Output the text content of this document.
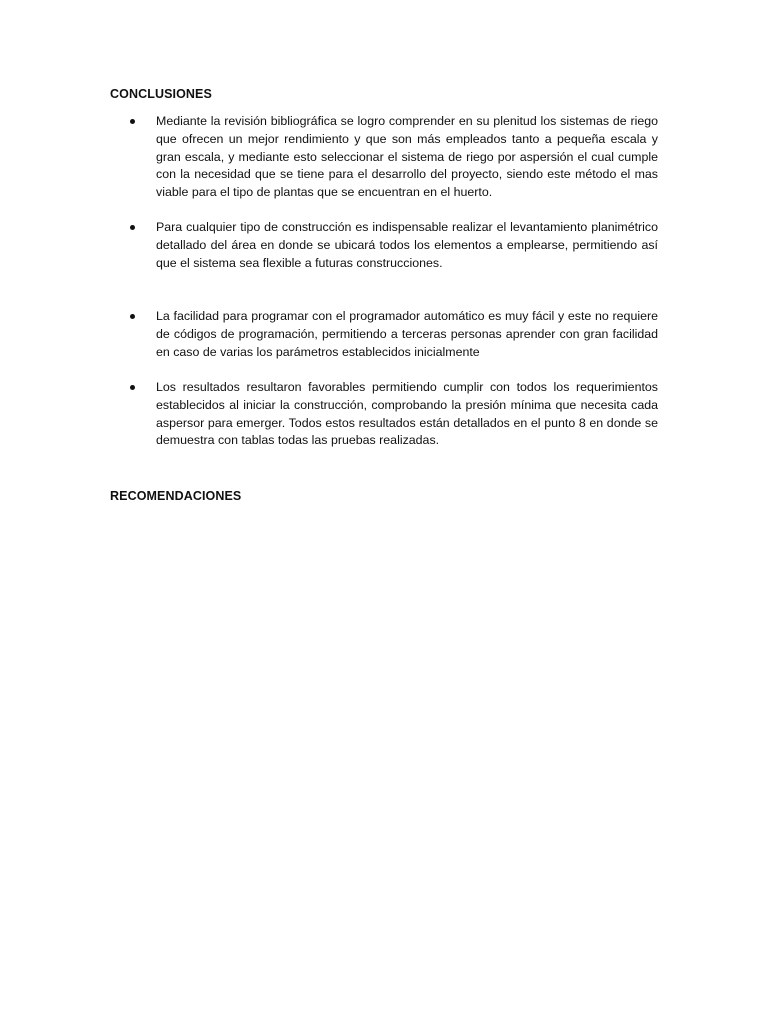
CONCLUSIONES
Mediante la revisión bibliográfica se logro comprender en su plenitud los sistemas de riego que ofrecen un mejor rendimiento y que son más empleados tanto a pequeña escala y gran escala, y mediante esto seleccionar el sistema de riego por aspersión el cual cumple con la necesidad que se tiene para el desarrollo del proyecto, siendo este método el mas viable para el tipo de plantas que se encuentran en el huerto.
Para cualquier tipo de construcción es indispensable realizar el levantamiento planimétrico detallado del área en donde se ubicará todos los elementos a emplearse, permitiendo así que el sistema sea flexible a futuras construcciones.
La facilidad para programar con el programador automático es muy fácil y este no requiere de códigos de programación, permitiendo a terceras personas aprender con gran facilidad en caso de varias los parámetros establecidos inicialmente
Los resultados resultaron favorables permitiendo cumplir con todos los requerimientos establecidos al iniciar la construcción, comprobando la presión mínima que necesita cada aspersor para emerger. Todos estos resultados están detallados en el punto 8 en donde se demuestra con tablas todas las pruebas realizadas.
RECOMENDACIONES
